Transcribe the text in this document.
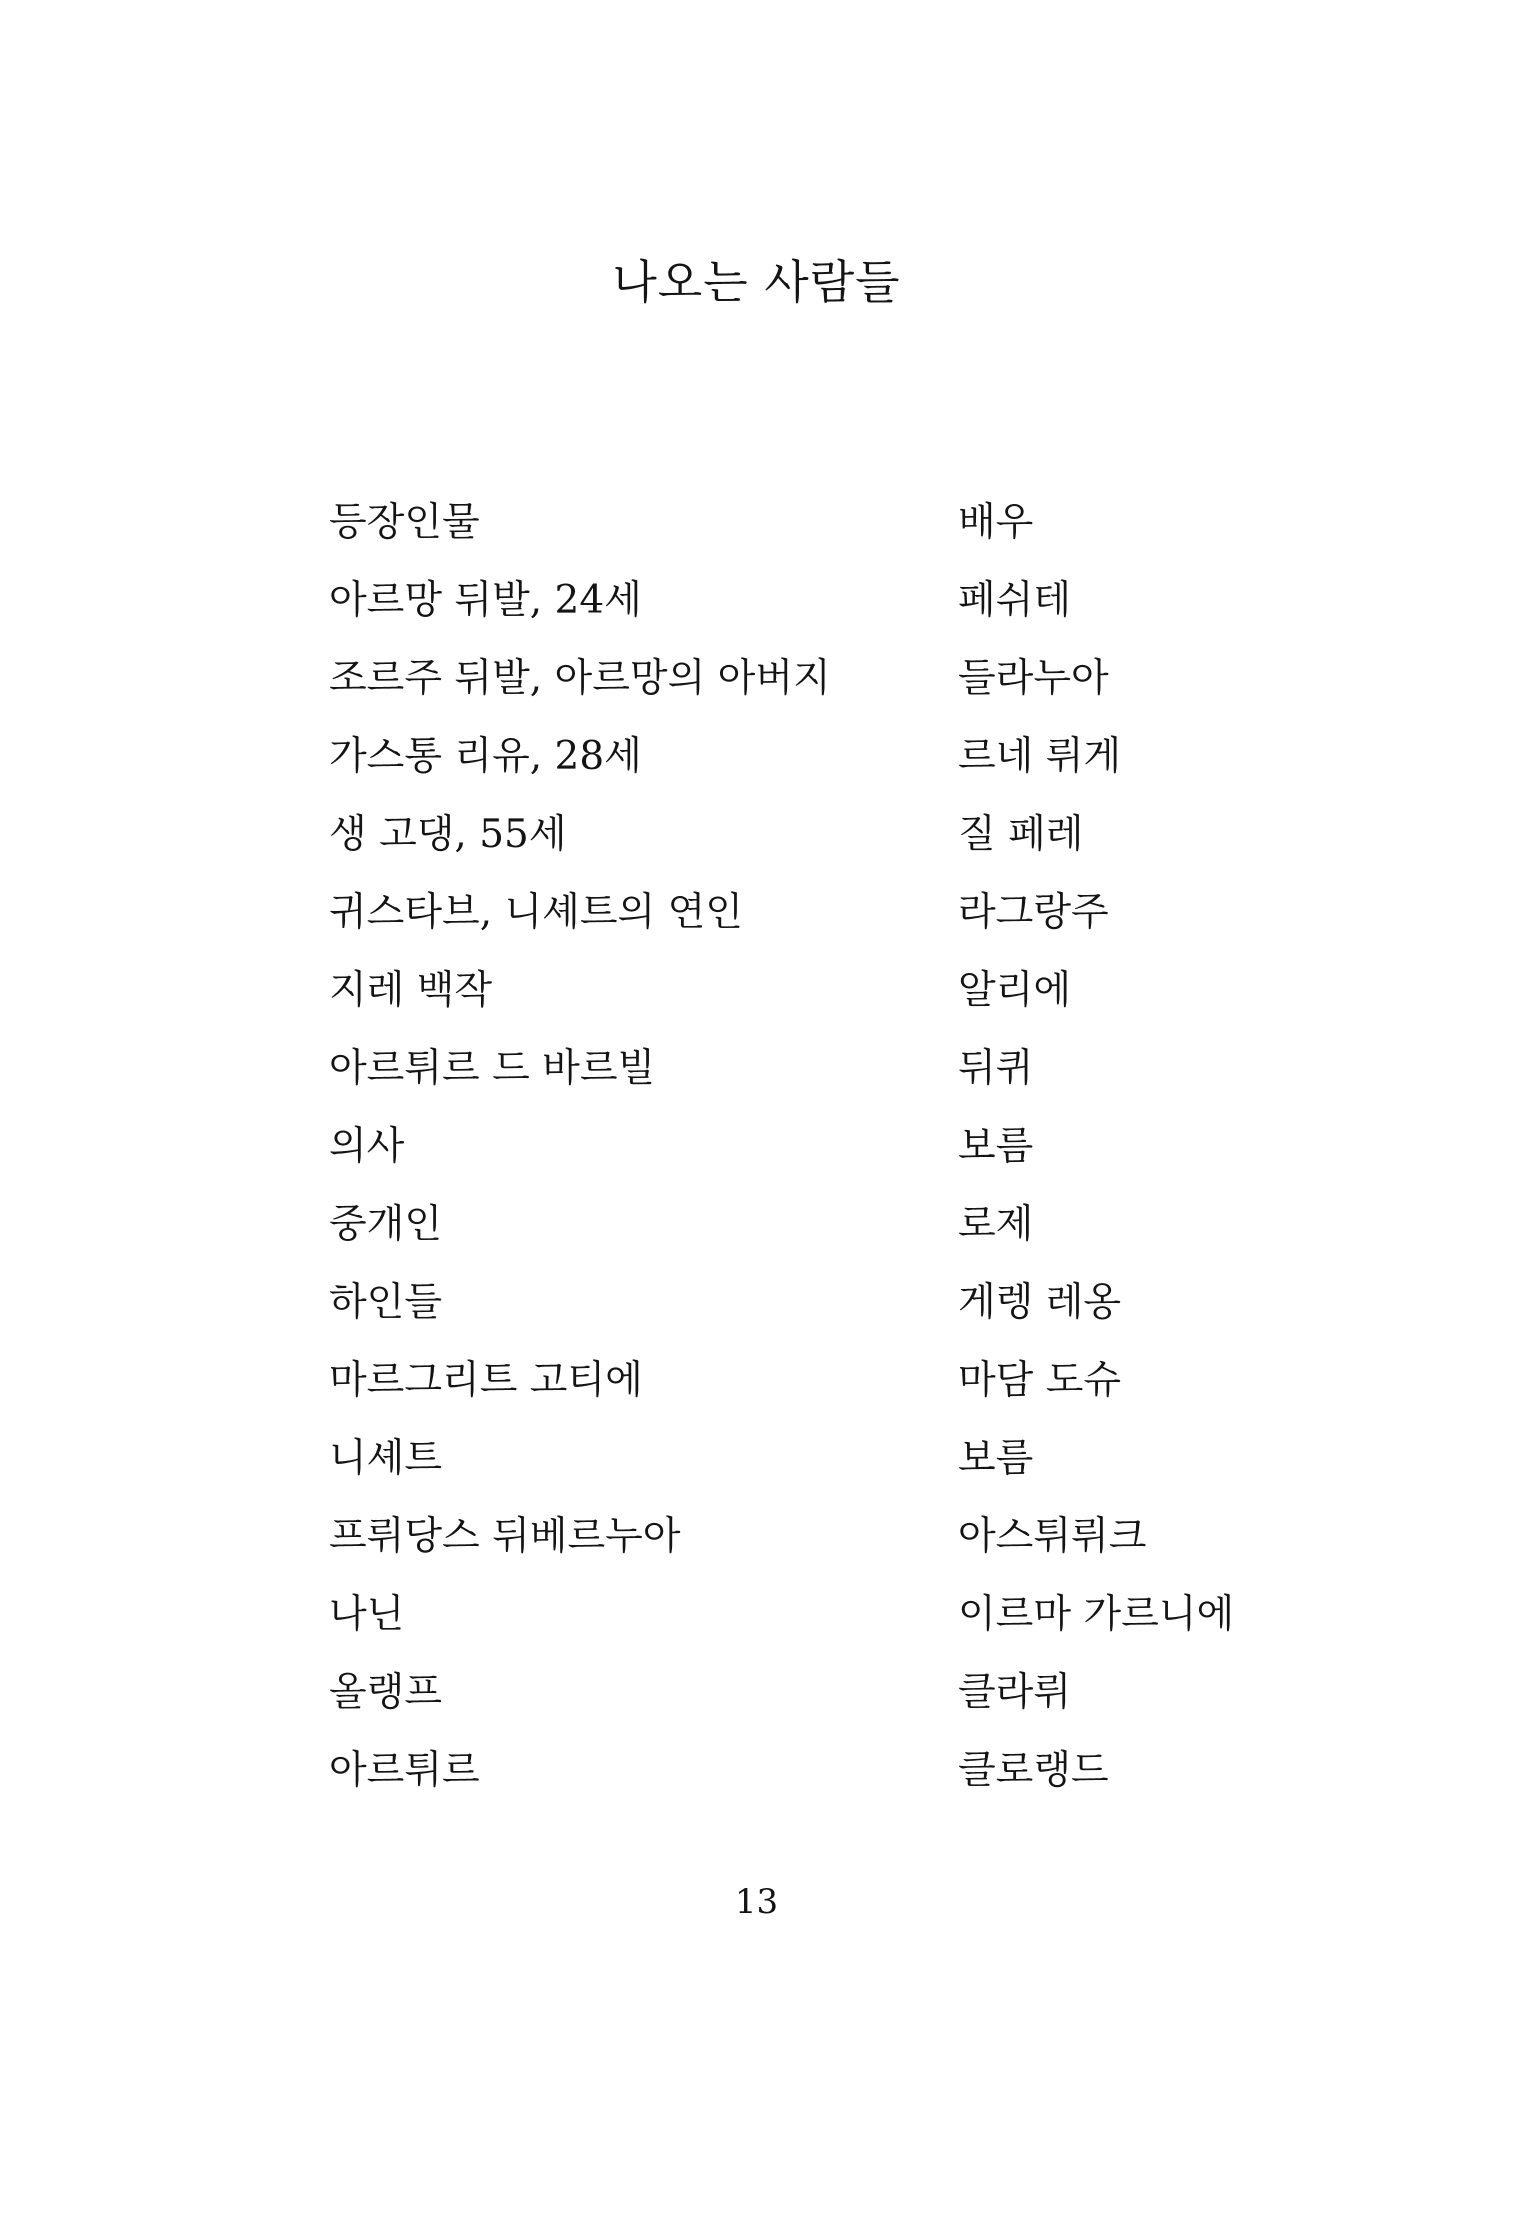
나오는 사람들
등장인물	배우
아르망 뒤발, 24세	페쉬테
조르주 뒤발, 아르망의 아버지	들라누아
가스통 리유, 28세	르네 뤼게
생 고댕, 55세	질 페레
귀스타브, 니셰트의 연인	라그랑주
지레 백작	알리에
아르튀르 드 바르빌	뒤퀴
의사	보름
중개인	로제
하인들	게렝 레옹
마르그리트 고티에	마담 도슈
니셰트	보름
프뤼당스 뒤베르누아	아스튀뤼크
나닌	이르마 가르니에
올랭프	클라뤼
아르튀르	클로랭드
13
